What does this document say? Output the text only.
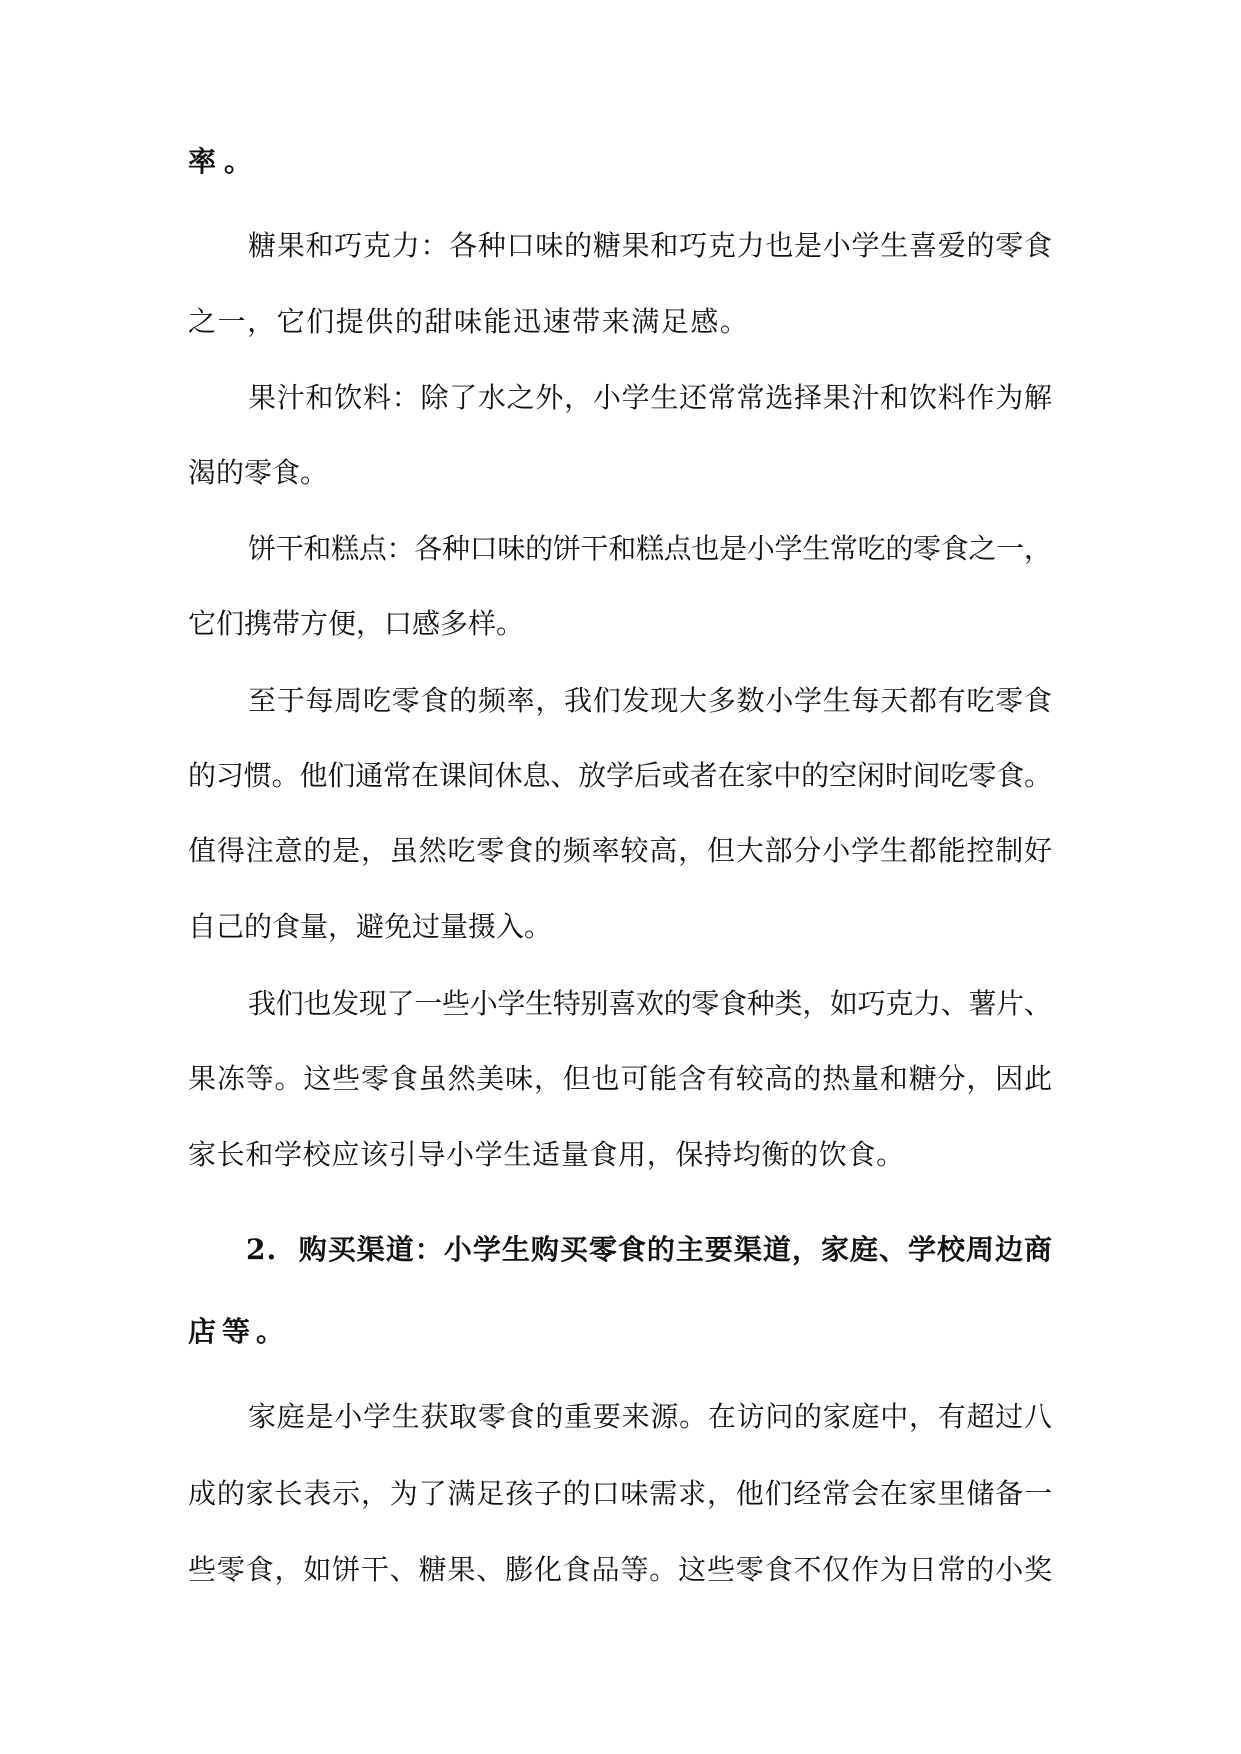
率。

糖果和巧克力：各种口味的糖果和巧克力也是小学生喜爱的零食

之一，它们提供的甜味能迅速带来满足感。

果汁和饮料：除了水之外，小学生还常常选择果汁和饮料作为解

渴的零食。

饼干和糕点：各种口味的饼干和糕点也是小学生常吃的零食之一，

它们携带方便，口感多样。

至于每周吃零食的频率，我们发现大多数小学生每天都有吃零食

的习惯。他们通常在课间休息、放学后或者在家中的空闲时间吃零食。

值得注意的是，虽然吃零食的频率较高，但大部分小学生都能控制好

自己的食量，避免过量摄入。

我们也发现了一些小学生特别喜欢的零食种类，如巧克力、薯片、

果冻等。这些零食虽然美味，但也可能含有较高的热量和糖分，因此

家长和学校应该引导小学生适量食用，保持均衡的饮食。

2.  购买渠道：小学生购买零食的主要渠道，家庭、学校周边商

店等。

家庭是小学生获取零食的重要来源。在访问的家庭中，有超过八

成的家长表示，为了满足孩子的口味需求，他们经常会在家里储备一

些零食，如饼干、糖果、膨化食品等。这些零食不仅作为日常的小奖
